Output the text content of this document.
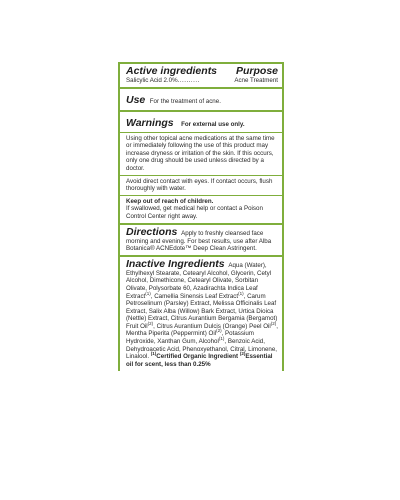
Active ingredients Purpose
Salicylic Acid 2.0% ..........	Acne Treatment
Use For the treatment of acne.
Warnings For external use only.
Using other topical acne medications at the same time or immediately following the use of this product may increase dryness or irritation of the skin. If this occurs, only one drug should be used unless directed by a doctor.
Avoid direct contact with eyes. If contact occurs, flush thoroughly with water.
Keep out of reach of children.
If swallowed, get medical help or contact a Poison Control Center right away.
Directions Apply to freshly cleansed face morning and evening. For best results, use after Alba Botanica® ACNEdote™ Deep Clean Astringent.
Inactive Ingredients Aqua (Water), Ethylhexyl Stearate, Cetearyl Alcohol, Glycerin, Cetyl Alcohol, Dimethicone, Cetearyl Olivate, Sorbitan Olivate, Polysorbate 60, Azadirachta Indica Leaf Extract$^{(1)}$, Camellia Sinensis Leaf Extract$^{(1)}$, Carum Petroselinum (Parsley) Extract, Melissa Officinalis Leaf Extract, Salix Alba (Willow) Bark Extract, Urtica Dioica (Nettle) Extract, Citrus Aurantium Bergamia (Bergamot) Fruit Oil$^{(2)}$, Citrus Aurantium Dulcis (Orange) Peel Oil$^{(2)}$, Mentha Piperita (Peppermint) Oil$^{(2)}$, Potassium Hydroxide, Xanthan Gum, Alcohol$^{(1)}$, Benzoic Acid, Dehydroacetic Acid, Phenoxyethanol, Citral, Limonene, Linalool. $^{(1)}$Certified Organic Ingredient $^{(2)}$Essential oil for scent, less than 0.25%
